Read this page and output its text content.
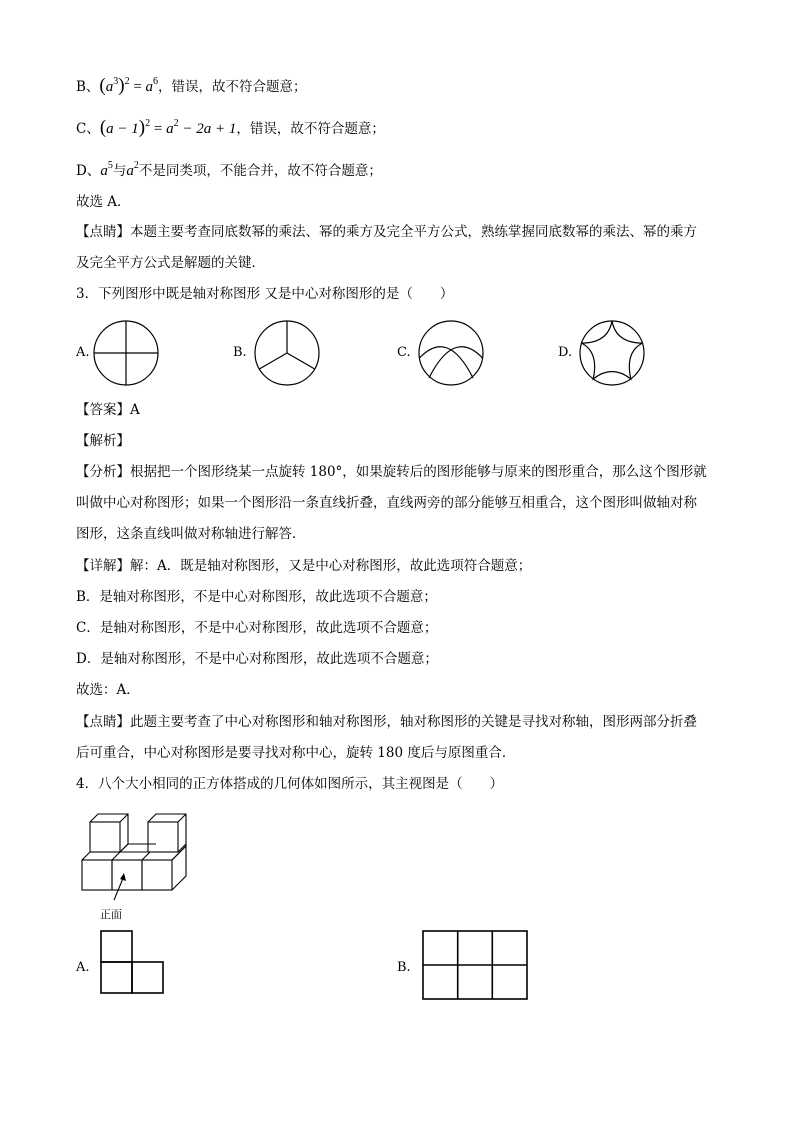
B、$(a^3)^2 = a^6$，错误，故不符合题意；
C、$(a - 1)^2 = a^2 - 2a + 1$，错误，故不符合题意；
D、$a^5$与$a^2$不是同类项，不能合并，故不符合题意；
故选 A．
【点睛】本题主要考查同底数幂的乘法、幂的乘方及完全平方公式，熟练掌握同底数幂的乘法、幂的乘方
及完全平方公式是解题的关键．
3．下列图形中既是轴对称图形 又是中心对称图形的是（　　）
A.	B.	C.	D.
【答案】A
【解析】
【分析】根据把一个图形绕某一点旋转 180°，如果旋转后的图形能够与原来的图形重合，那么这个图形就
叫做中心对称图形；如果一个图形沿一条直线折叠，直线两旁的部分能够互相重合，这个图形叫做轴对称
图形，这条直线叫做对称轴进行解答．
【详解】解：A．既是轴对称图形，又是中心对称图形，故此选项符合题意；
B．是轴对称图形，不是中心对称图形，故此选项不合题意；
C．是轴对称图形，不是中心对称图形，故此选项不合题意；
D．是轴对称图形，不是中心对称图形，故此选项不合题意；
故选：A．
【点睛】此题主要考查了中心对称图形和轴对称图形，轴对称图形的关键是寻找对称轴，图形两部分折叠
后可重合，中心对称图形是要寻找对称中心，旋转 180 度后与原图重合．
4．八个大小相同的正方体搭成的几何体如图所示，其主视图是（　　）
正面
A.	B.
